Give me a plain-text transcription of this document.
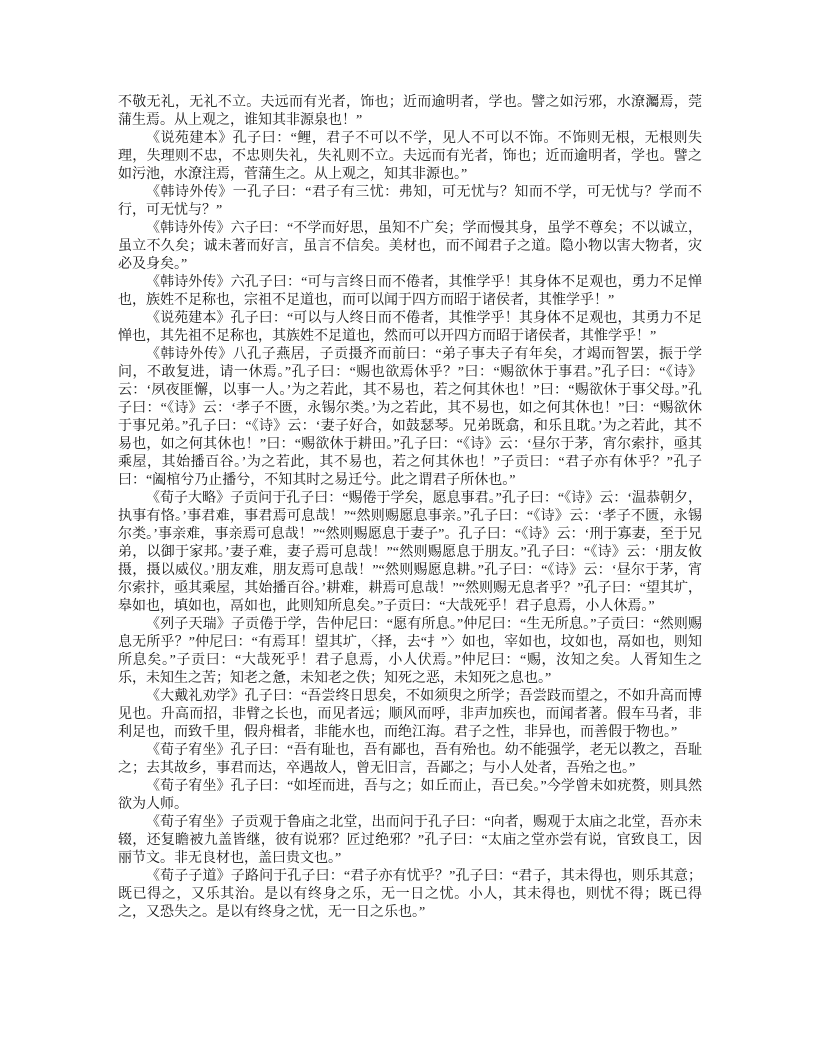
不敬无礼，无礼不立。夫远而有光者，饰也；近而逾明者，学也。譬之如污邪，水潦灟焉，莞蒲生焉。从上观之，谁知其非源泉也！”

《说苑建本》孔子曰：“鲤，君子不可以不学，见人不可以不饰。不饰则无根，无根则失理，失理则不忠，不忠则失礼，失礼则不立。夫远而有光者，饰也；近而逾明者，学也。譬之如污池，水潦注焉，菅蒲生之。从上观之，知其非源也。”

《韩诗外传》一孔子曰：“君子有三忧：弗知，可无忧与？知而不学，可无忧与？学而不行，可无忧与？”

《韩诗外传》六子曰：“不学而好思，虽知不广矣；学而慢其身，虽学不尊矣；不以诚立，虽立不久矣；诚未著而好言，虽言不信矣。美材也，而不闻君子之道。隐小物以害大物者，灾必及身矣。”

《韩诗外传》六孔子曰：“可与言终日而不倦者，其惟学乎！其身体不足观也，勇力不足惮也，族姓不足称也，宗祖不足道也，而可以闻于四方而昭于诸侯者，其惟学乎！”

《说苑建本》孔子曰：“可以与人终日而不倦者，其惟学乎！其身体不足观也，其勇力不足惮也，其先祖不足称也，其族姓不足道也，然而可以开四方而昭于诸侯者，其惟学乎！”

《韩诗外传》八孔子燕居，子贡摄齐而前曰：“弟子事夫子有年矣，才竭而智罢，振于学问，不敢复进，请一休焉。”孔子曰：“赐也欲焉休乎？”曰：“赐欲休于事君。”孔子曰：“《诗》云：‘夙夜匪懈，以事一人。’为之若此，其不易也，若之何其休也！”曰：“赐欲休于事父母。”孔子曰：“《诗》云：‘孝子不匮，永锡尔类。’为之若此，其不易也，如之何其休也！”曰：“赐欲休于事兄弟。”孔子曰：“《诗》云：‘妻子好合，如鼓瑟琴。兄弟既翕，和乐且耽。’为之若此，其不易也，如之何其休也！”曰：“赐欲休于耕田。”孔子曰：“《诗》云：‘昼尔于茅，宵尔索抃，亟其乘屋，其始播百谷。’为之若此，其不易也，若之何其休也！”子贡曰：“君子亦有休乎？”孔子曰：“阖棺兮乃止播兮，不知其时之易迁兮。此之谓君子所休也。”

《荀子大略》子贡问于孔子曰：“赐倦于学矣，愿息事君。”孔子曰：“《诗》云：‘温恭朝夕，执事有恪。’事君难，事君焉可息哉！”“然则赐愿息事亲。”孔子曰：“《诗》云：‘孝子不匮，永锡尔类。’事亲难，事亲焉可息哉！”“然则赐愿息于妻子”。孔子曰：“《诗》云：‘刑于寡妻，至于兄弟，以御于家邦。’妻子难，妻子焉可息哉！”“然则赐愿息于朋友。”孔子曰：“《诗》云：‘朋友攸摄，摄以威仪。’朋友难，朋友焉可息哉！”“然则赐愿息耕。”孔子曰：“《诗》云：‘昼尔于茅，宵尔索抃，亟其乘屋，其始播百谷。’耕难，耕焉可息哉！”“然则赐无息者乎？”孔子曰：“望其圹，皋如也，填如也，鬲如也，此则知所息矣。”子贡曰：“大哉死乎！君子息焉，小人休焉。”

《列子天瑞》子贡倦于学，告仲尼曰：“愿有所息。”仲尼曰：“生无所息。”子贡曰：“然则赐息无所乎？”仲尼曰：“有焉耳！望其圹，〈择，去“扌”〉如也，宰如也，坟如也，鬲如也，则知所息矣。”子贡曰：“大哉死乎！君子息焉，小人伏焉。”仲尼曰：“赐，汝知之矣。人胥知生之乐，未知生之苦；知老之惫，未知老之佚；知死之恶，未知死之息也。”

《大戴礼劝学》孔子曰：“吾尝终日思矣，不如须臾之所学；吾尝跂而望之，不如升高而博见也。升高而招，非臂之长也，而见者远；顺风而呼，非声加疾也，而闻者著。假车马者，非利足也，而致千里，假舟楫者，非能水也，而绝江海。君子之性，非异也，而善假于物也。”

《荀子宥坐》孔子曰：“吾有耻也，吾有鄙也，吾有殆也。幼不能强学，老无以教之，吾耻之；去其故乡，事君而达，卒遇故人，曾无旧言，吾鄙之；与小人处者，吾殆之也。”

《荀子宥坐》孔子曰：“如垤而进，吾与之；如丘而止，吾已矣。”今学曾未如疣赘，则具然欲为人师。

《荀子宥坐》子贡观于鲁庙之北堂，出而问于孔子曰：“向者，赐观于太庙之北堂，吾亦未辍，还复瞻被九盖皆继，彼有说邪？匠过绝邪？”孔子曰：“太庙之堂亦尝有说，官致良工，因丽节文。非无良材也，盖曰贵文也。”

《荀子子道》子路问于孔子曰：“君子亦有忧乎？”孔子曰：“君子，其未得也，则乐其意；既已得之，又乐其治。是以有终身之乐，无一日之忧。小人，其未得也，则忧不得；既已得之，又恐失之。是以有终身之忧，无一日之乐也。”
